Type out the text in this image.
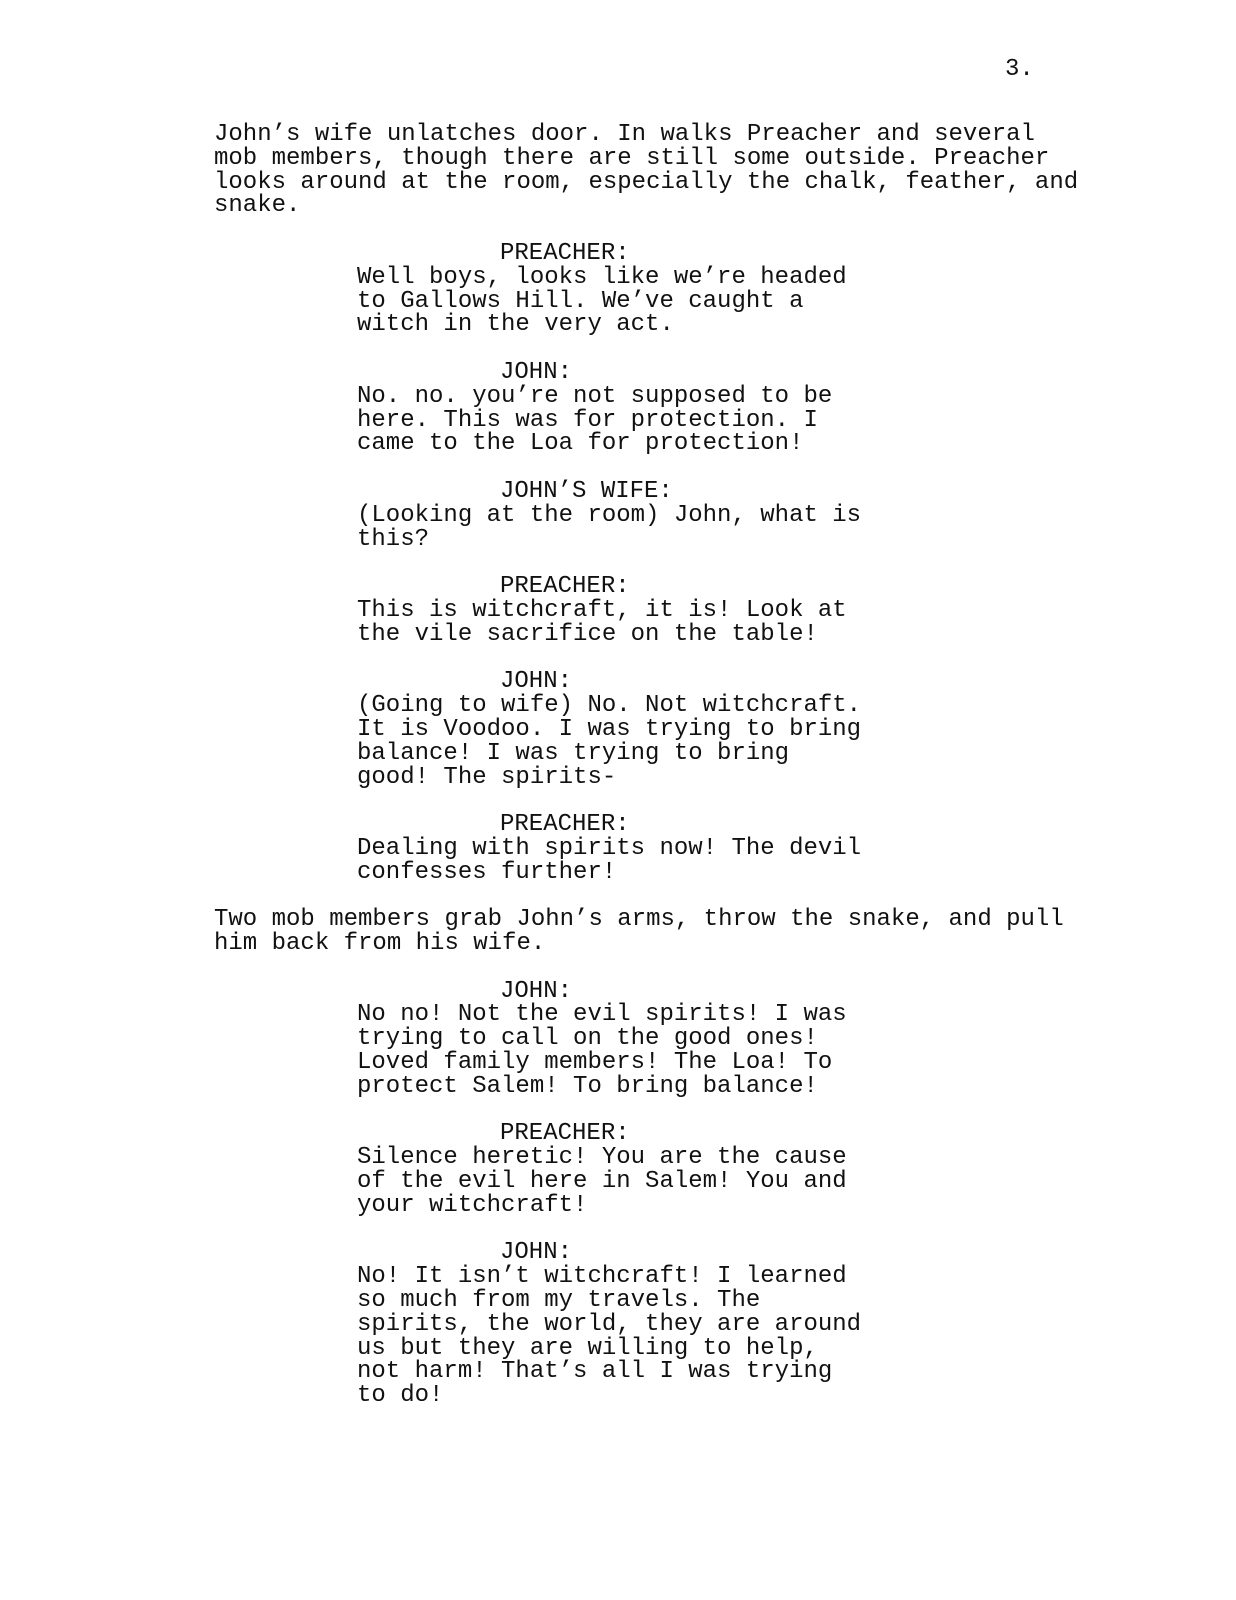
3.
John’s wife unlatches door. In walks Preacher and several
mob members, though there are still some outside. Preacher
looks around at the room, especially the chalk, feather, and
snake.
PREACHER:
Well boys, looks like we’re headed
to Gallows Hill. We’ve caught a
witch in the very act.
JOHN:
No. no. you’re not supposed to be
here. This was for protection. I
came to the Loa for protection!
JOHN’S WIFE:
(Looking at the room) John, what is
this?
PREACHER:
This is witchcraft, it is! Look at
the vile sacrifice on the table!
JOHN:
(Going to wife) No. Not witchcraft.
It is Voodoo. I was trying to bring
balance! I was trying to bring
good! The spirits-
PREACHER:
Dealing with spirits now! The devil
confesses further!
Two mob members grab John’s arms, throw the snake, and pull
him back from his wife.
JOHN:
No no! Not the evil spirits! I was
trying to call on the good ones!
Loved family members! The Loa! To
protect Salem! To bring balance!
PREACHER:
Silence heretic! You are the cause
of the evil here in Salem! You and
your witchcraft!
JOHN:
No! It isn’t witchcraft! I learned
so much from my travels. The
spirits, the world, they are around
us but they are willing to help,
not harm! That’s all I was trying
to do!
